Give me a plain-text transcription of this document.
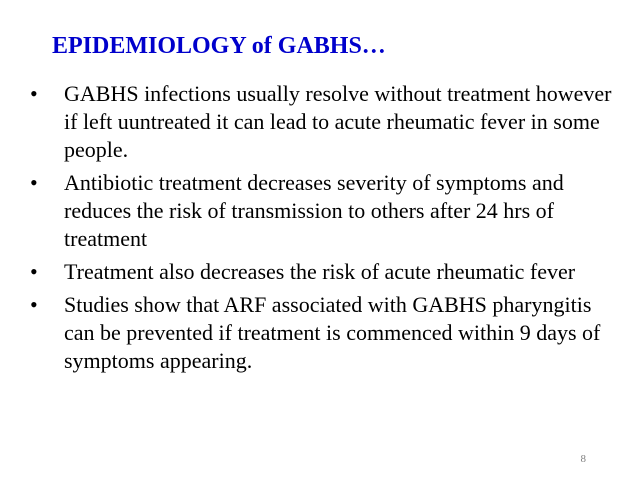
EPIDEMIOLOGY of GABHS…
•	GABHS infections usually resolve without treatment however if left uuntreated it can lead to acute rheumatic fever in some people.
•	Antibiotic treatment decreases severity of symptoms and reduces the risk of transmission to others after 24 hrs of treatment
•	Treatment also decreases the risk of acute rheumatic fever
•	Studies show that ARF associated with GABHS pharyngitis can be prevented if treatment is commenced within 9 days of symptoms appearing.
8
